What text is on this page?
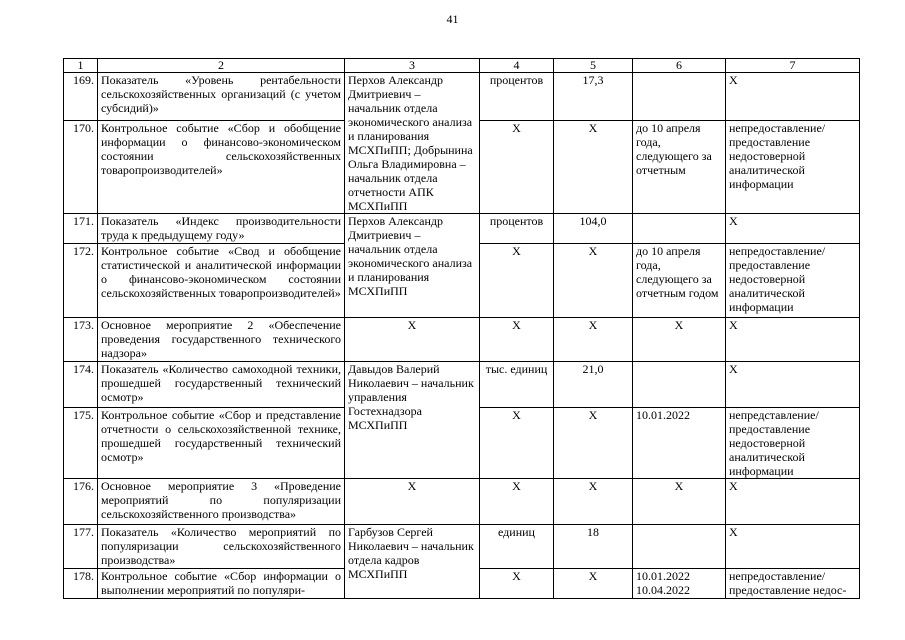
41
1	2	3	4	5	6	7
169.	Показатель «Уровень рентабельности сельскохозяйственных организаций (с учетом субсидий)»	Перхов Александр Дмитриевич – начальник отдела экономического анализа и планирования МСХПиПП; Добрынина Ольга Владимировна – начальник отдела отчетности АПК МСХПиПП	процентов	17,3		X
170.	Контрольное событие «Сбор и обобщение информации о финансово-экономическом состоянии сельскохозяйственных товаропроизводителей»		X	X	до 10 апреля года, следующего за отчетным	непредоставление/ предоставление недостоверной аналитической информации
171.	Показатель «Индекс производительности труда к предыдущему году»	Перхов Александр Дмитриевич – начальник отдела экономического анализа и планирования МСХПиПП	процентов	104,0		X
172.	Контрольное событие «Свод и обобщение статистической и аналитической информации о финансово-экономическом состоянии сельскохозяйственных товаропроизводителей»		X	X	до 10 апреля года, следующего за отчетным годом	непредоставление/ предоставление недостоверной аналитической информации
173.	Основное мероприятие 2 «Обеспечение проведения государственного технического надзора»	X	X	X	X	X
174.	Показатель «Количество самоходной техники, прошедшей государственный технический осмотр»	Давыдов Валерий Николаевич – начальник управления Гостехнадзора МСХПиПП	тыс. единиц	21,0		X
175.	Контрольное событие «Сбор и представление отчетности о сельскохозяйственной технике, прошедшей государственный технический осмотр»		X	X	10.01.2022	непредставление/предоставление недостоверной аналитической информации
176.	Основное мероприятие 3 «Проведение мероприятий по популяризации сельскохозяйственного производства»	X	X	X	X	X
177.	Показатель «Количество мероприятий по популяризации сельскохозяйственного производства»	Гарбузов Сергей Николаевич – начальник отдела кадров МСХПиПП	единиц	18		X
178.	Контрольное событие «Сбор информации о выполнении мероприятий по популяри-		X	X	10.01.2022 10.04.2022	непредоставление/ предоставление недос-
